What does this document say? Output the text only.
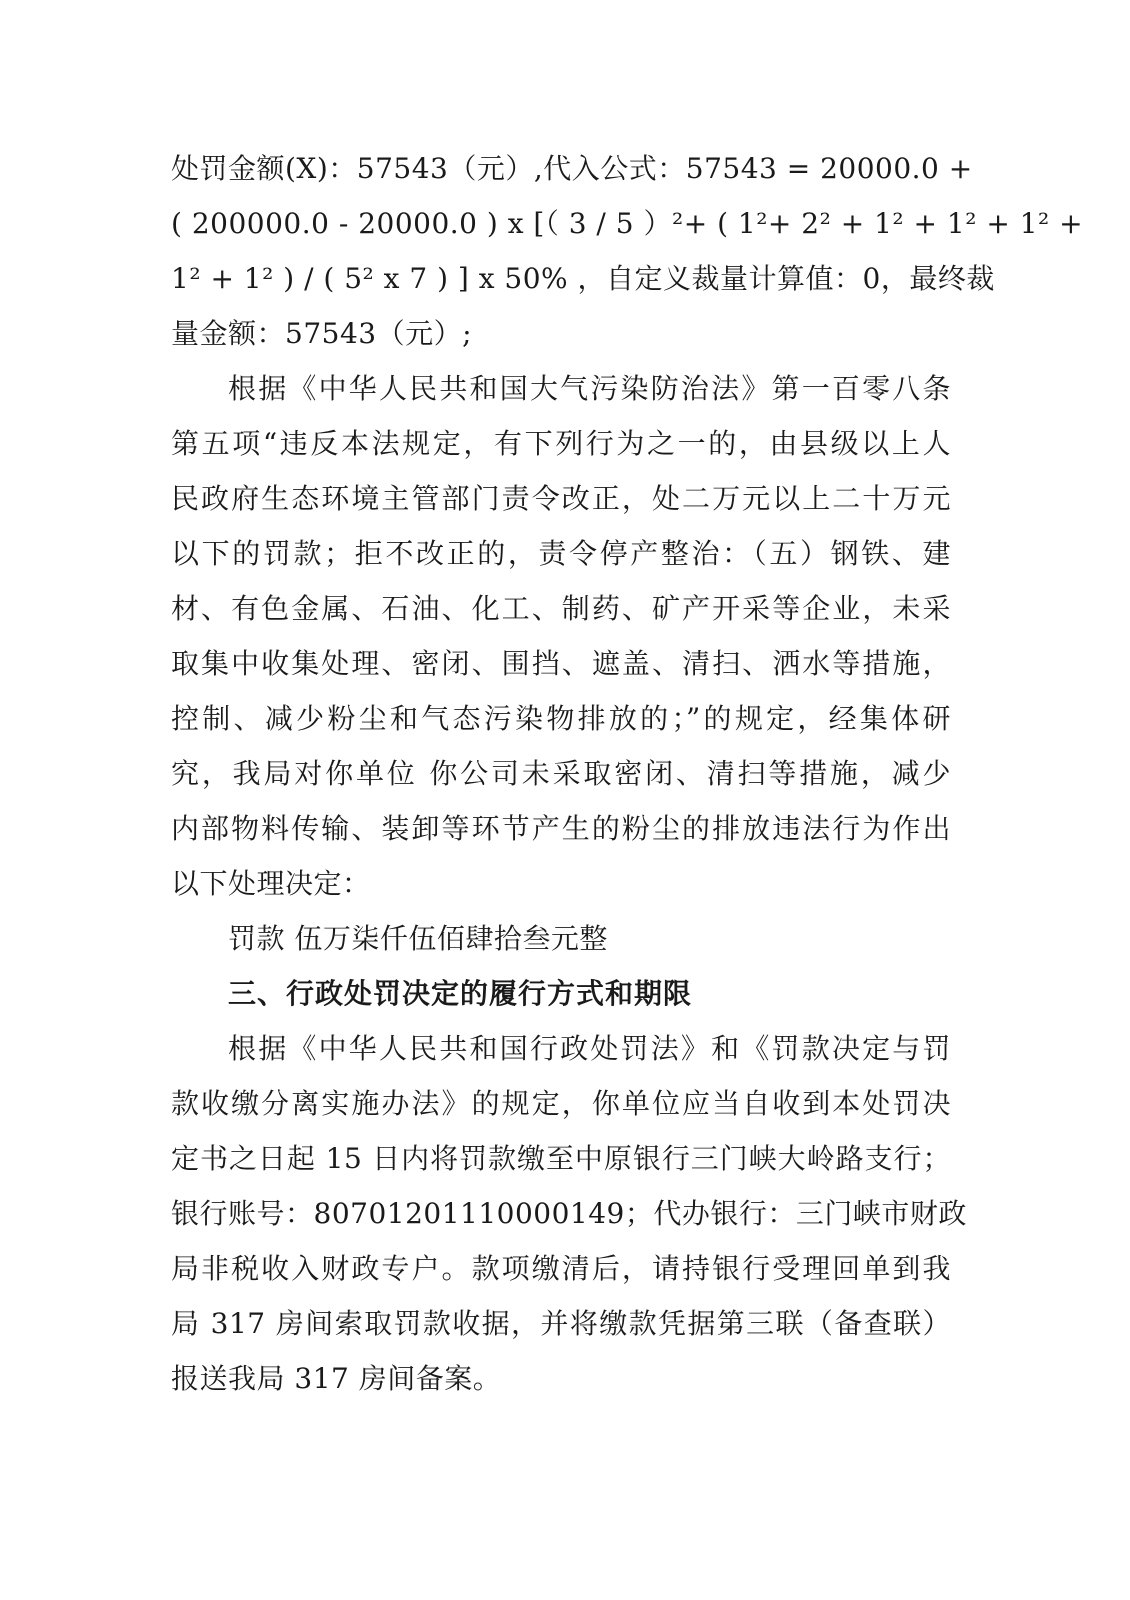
处罚金额(X)：57543（元）,代入公式：57543 = 20000.0 +
( 200000.0 - 20000.0 ) x [（ 3 / 5 ）²+ ( 1²+ 2² + 1² + 1² + 1² +
1² + 1² ) / ( 5² x 7 ) ] x 50% ，自定义裁量计算值：0，最终裁
量金额：57543（元）;
根据《中华人民共和国大气污染防治法》第一百零八条
第五项“违反本法规定，有下列行为之一的，由县级以上人
民政府生态环境主管部门责令改正，处二万元以上二十万元
以下的罚款；拒不改正的，责令停产整治：（五）钢铁、建
材、有色金属、石油、化工、制药、矿产开采等企业，未采
取集中收集处理、密闭、围挡、遮盖、清扫、洒水等措施，
控制、减少粉尘和气态污染物排放的；”的规定，经集体研
究，我局对你单位 你公司未采取密闭、清扫等措施，减少
内部物料传输、装卸等环节产生的粉尘的排放违法行为作出
以下处理决定：
罚款 伍万柒仟伍佰肆拾叁元整
三、行政处罚决定的履行方式和期限
根据《中华人民共和国行政处罚法》和《罚款决定与罚
款收缴分离实施办法》的规定，你单位应当自收到本处罚决
定书之日起 15 日内将罚款缴至中原银行三门峡大岭路支行；
银行账号：80701201110000149；代办银行：三门峡市财政
局非税收入财政专户。款项缴清后，请持银行受理回单到我
局 317 房间索取罚款收据，并将缴款凭据第三联（备查联）
报送我局 317 房间备案。
